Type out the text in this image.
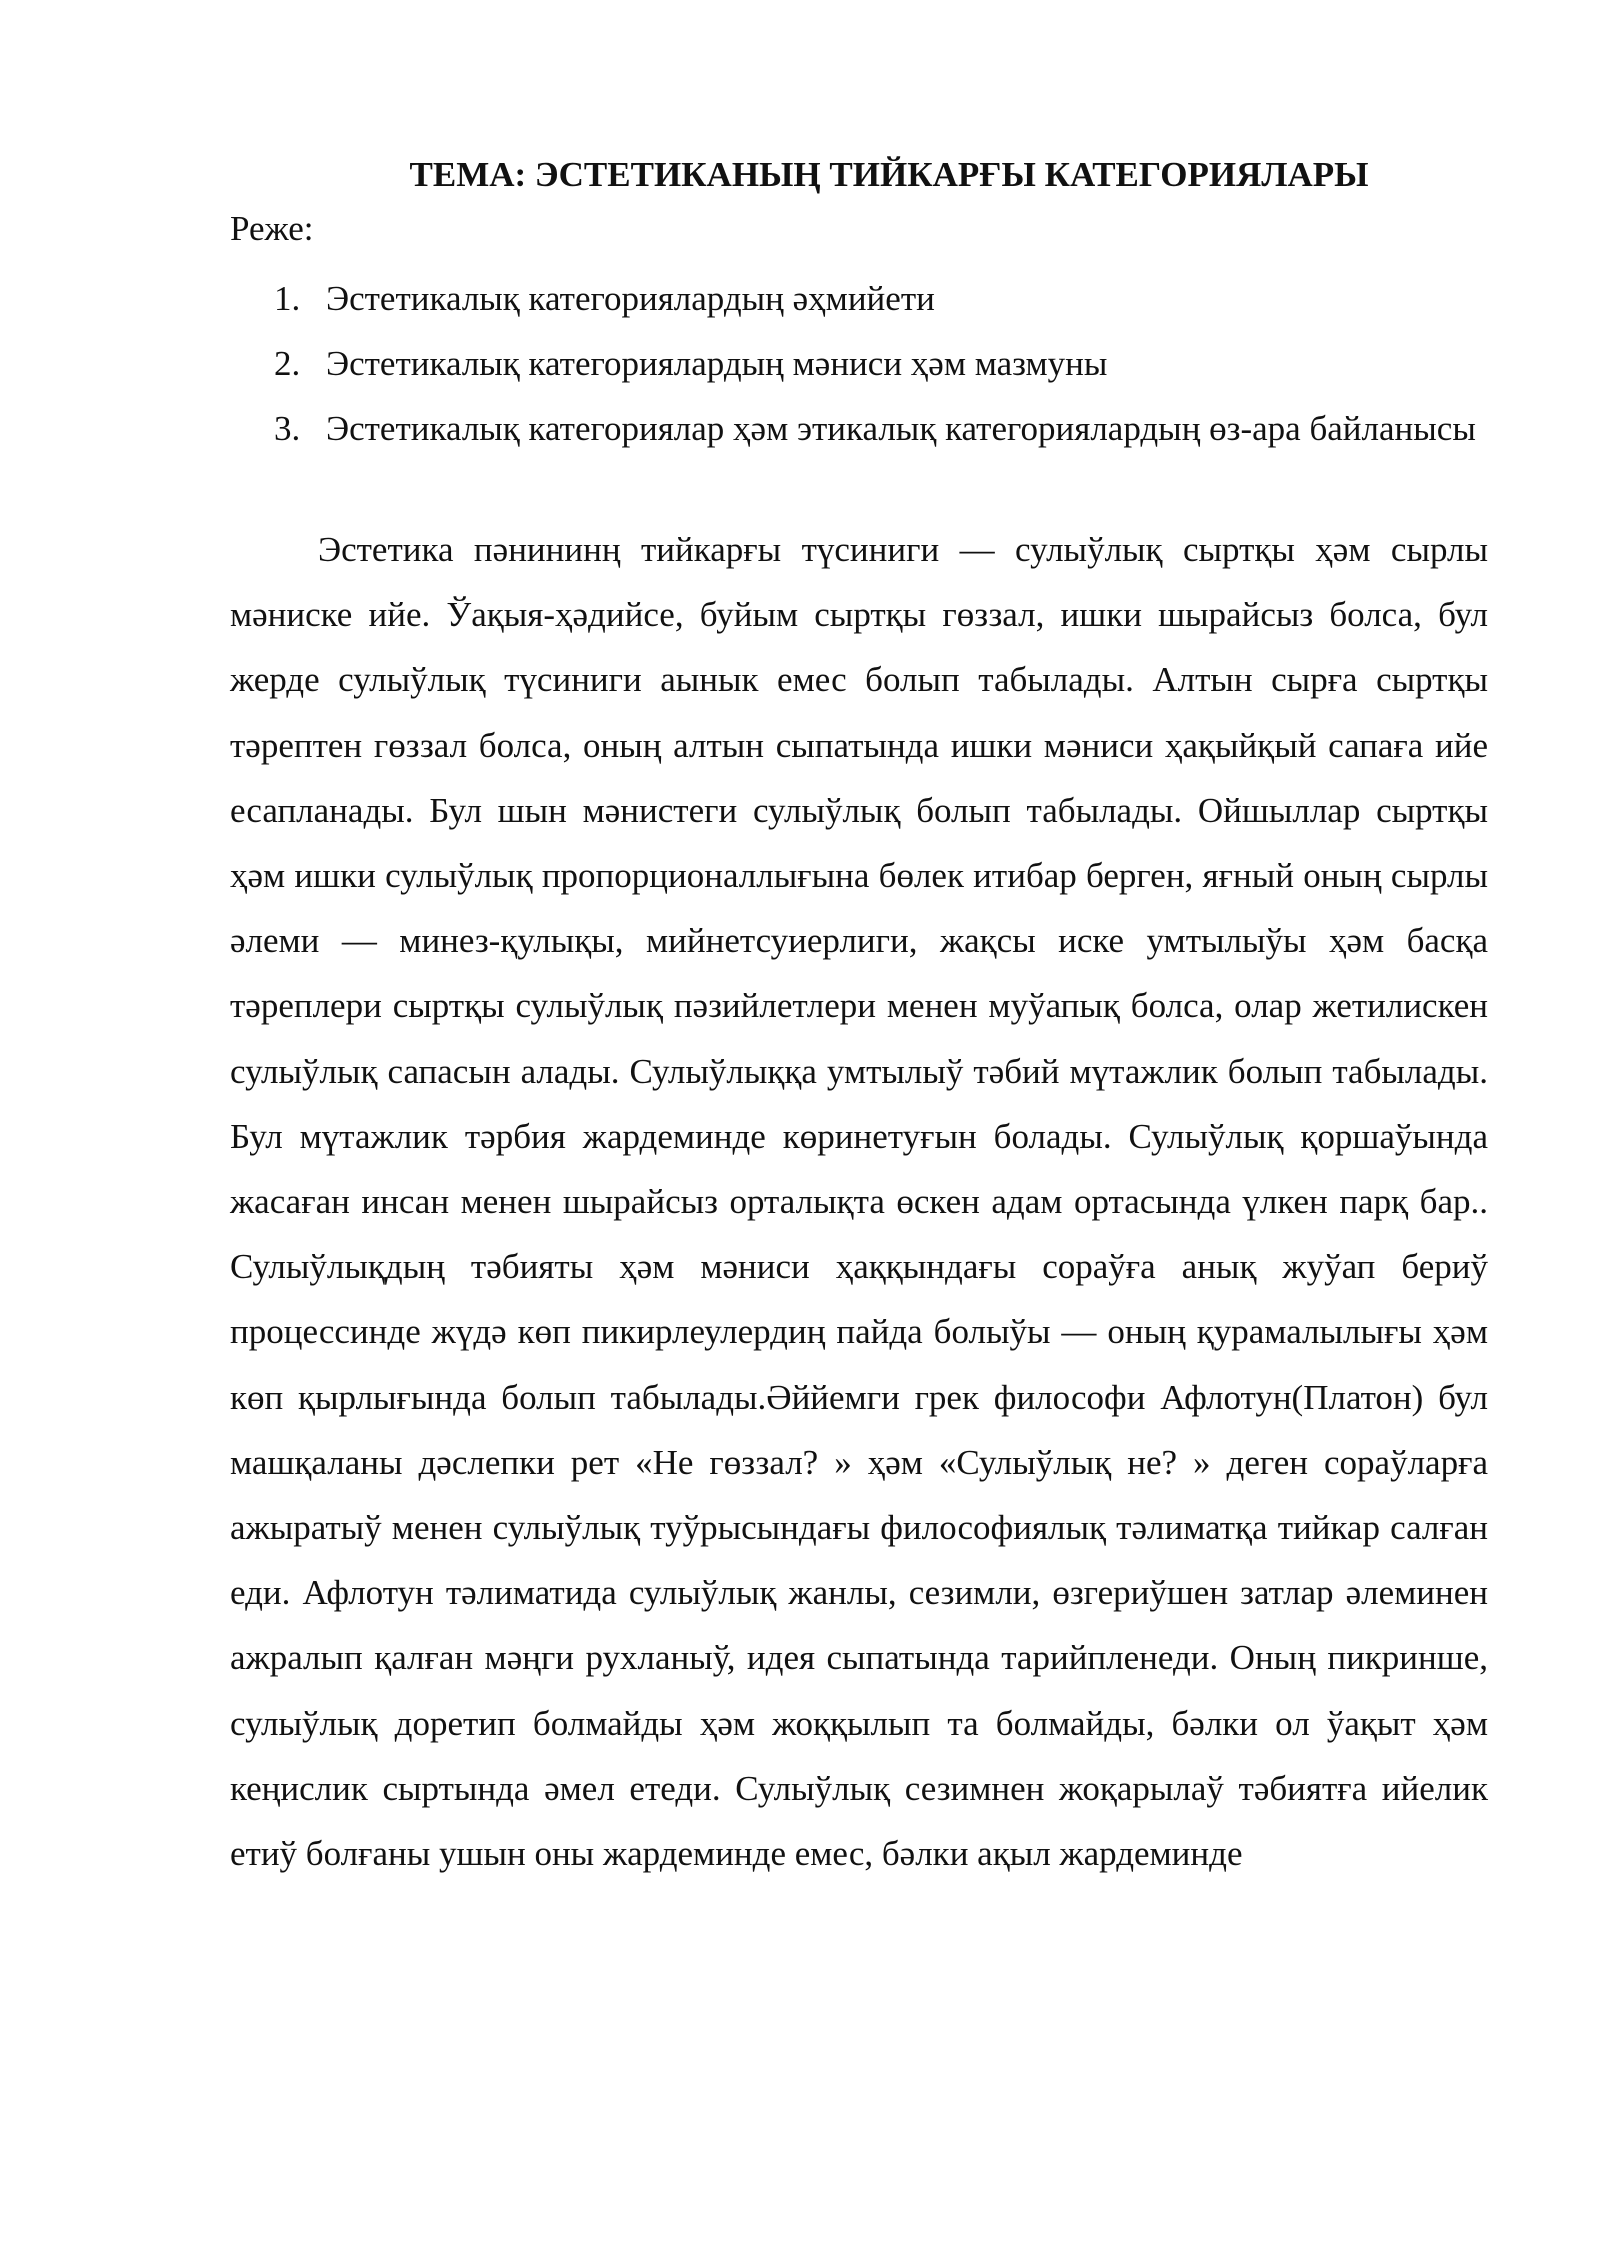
ТЕМА: ЭСТЕТИКАНЫҢ ТИЙКАРҒЫ КАТЕГОРИЯЛАРЫ

Реже:

1. Эстетикалық категориялардың әҳмийети
2. Эстетикалық категориялардың мәниси ҳәм мазмуны
3. Эстетикалық категориялар ҳәм этикалық категориялардың өз-ара байланысы

Эстетика пәнининң тийкарғы түсиниги — сулыўлық сыртқы ҳәм сырлы мәниске ийе. Ўақыя-ҳәдийсе, буйым сыртқы гөззал, ишки шырайсыз болса, бул жерде сулыўлық түсиниги аынык емес болып табылады. Алтын сырға сыртқы тәрептен гөззал болса, оның алтын сыпатында ишки мәниси ҳақыйқый сапаға ийе есапланады. Бул шын мәнистеги сулыўлық болып табылады. Ойшыллар сыртқы ҳәм ишки сулыўлық пропорционаллығына бөлек итибар берген, яғный оның сырлы әлеми — минез-қулықы, мийнетсуиерлиги, жақсы иске умтылыўы ҳәм басқа тәреплери сыртқы сулыўлық пәзийлетлери менен муўапық болса, олар жетилискен сулыўлық сапасын алады. Сулыўлыққа умтылыў тәбий мүтажлик болып табылады. Бул мүтажлик тәрбия жардеминде көринетуғын болады. Сулыўлық қоршаўында жасаған инсан менен шырайсыз орталықта өскен адам ортасында үлкен парқ бар.. Сулыўлықдың тәбияты ҳәм мәниси ҳаққындағы сораўға анық жуўап бериў процессинде жүдә көп пикирлеулердиң пайда болыўы — оның қурамалылығы ҳәм көп қырлығында болып табылады.Әййемги грек философи Афлотун(Платон) бул машқаланы дәслепки рет «Не гөззал? » ҳәм «Сулыўлық не? » деген сораўларға ажыратыў менен сулыўлық туўрысындағы философиялық тәлиматқа тийкар салған еди. Афлотун тәлиматида сулыўлық жанлы, сезимли, өзгериўшен затлар әлеминен ажралып қалған мәңги рухланыў, идея сыпатында тарийпленеди. Оның пикринше, сулыўлық доретип болмайды ҳәм жоққылып та болмайды, бәлки ол ўақыт ҳәм кеңислик сыртында әмел етеди. Сулыўлық сезимнен жоқарылаў тәбиятға ийелик етиў болғаны ушын оны жардеминде емес, бәлки ақыл жардеминде
